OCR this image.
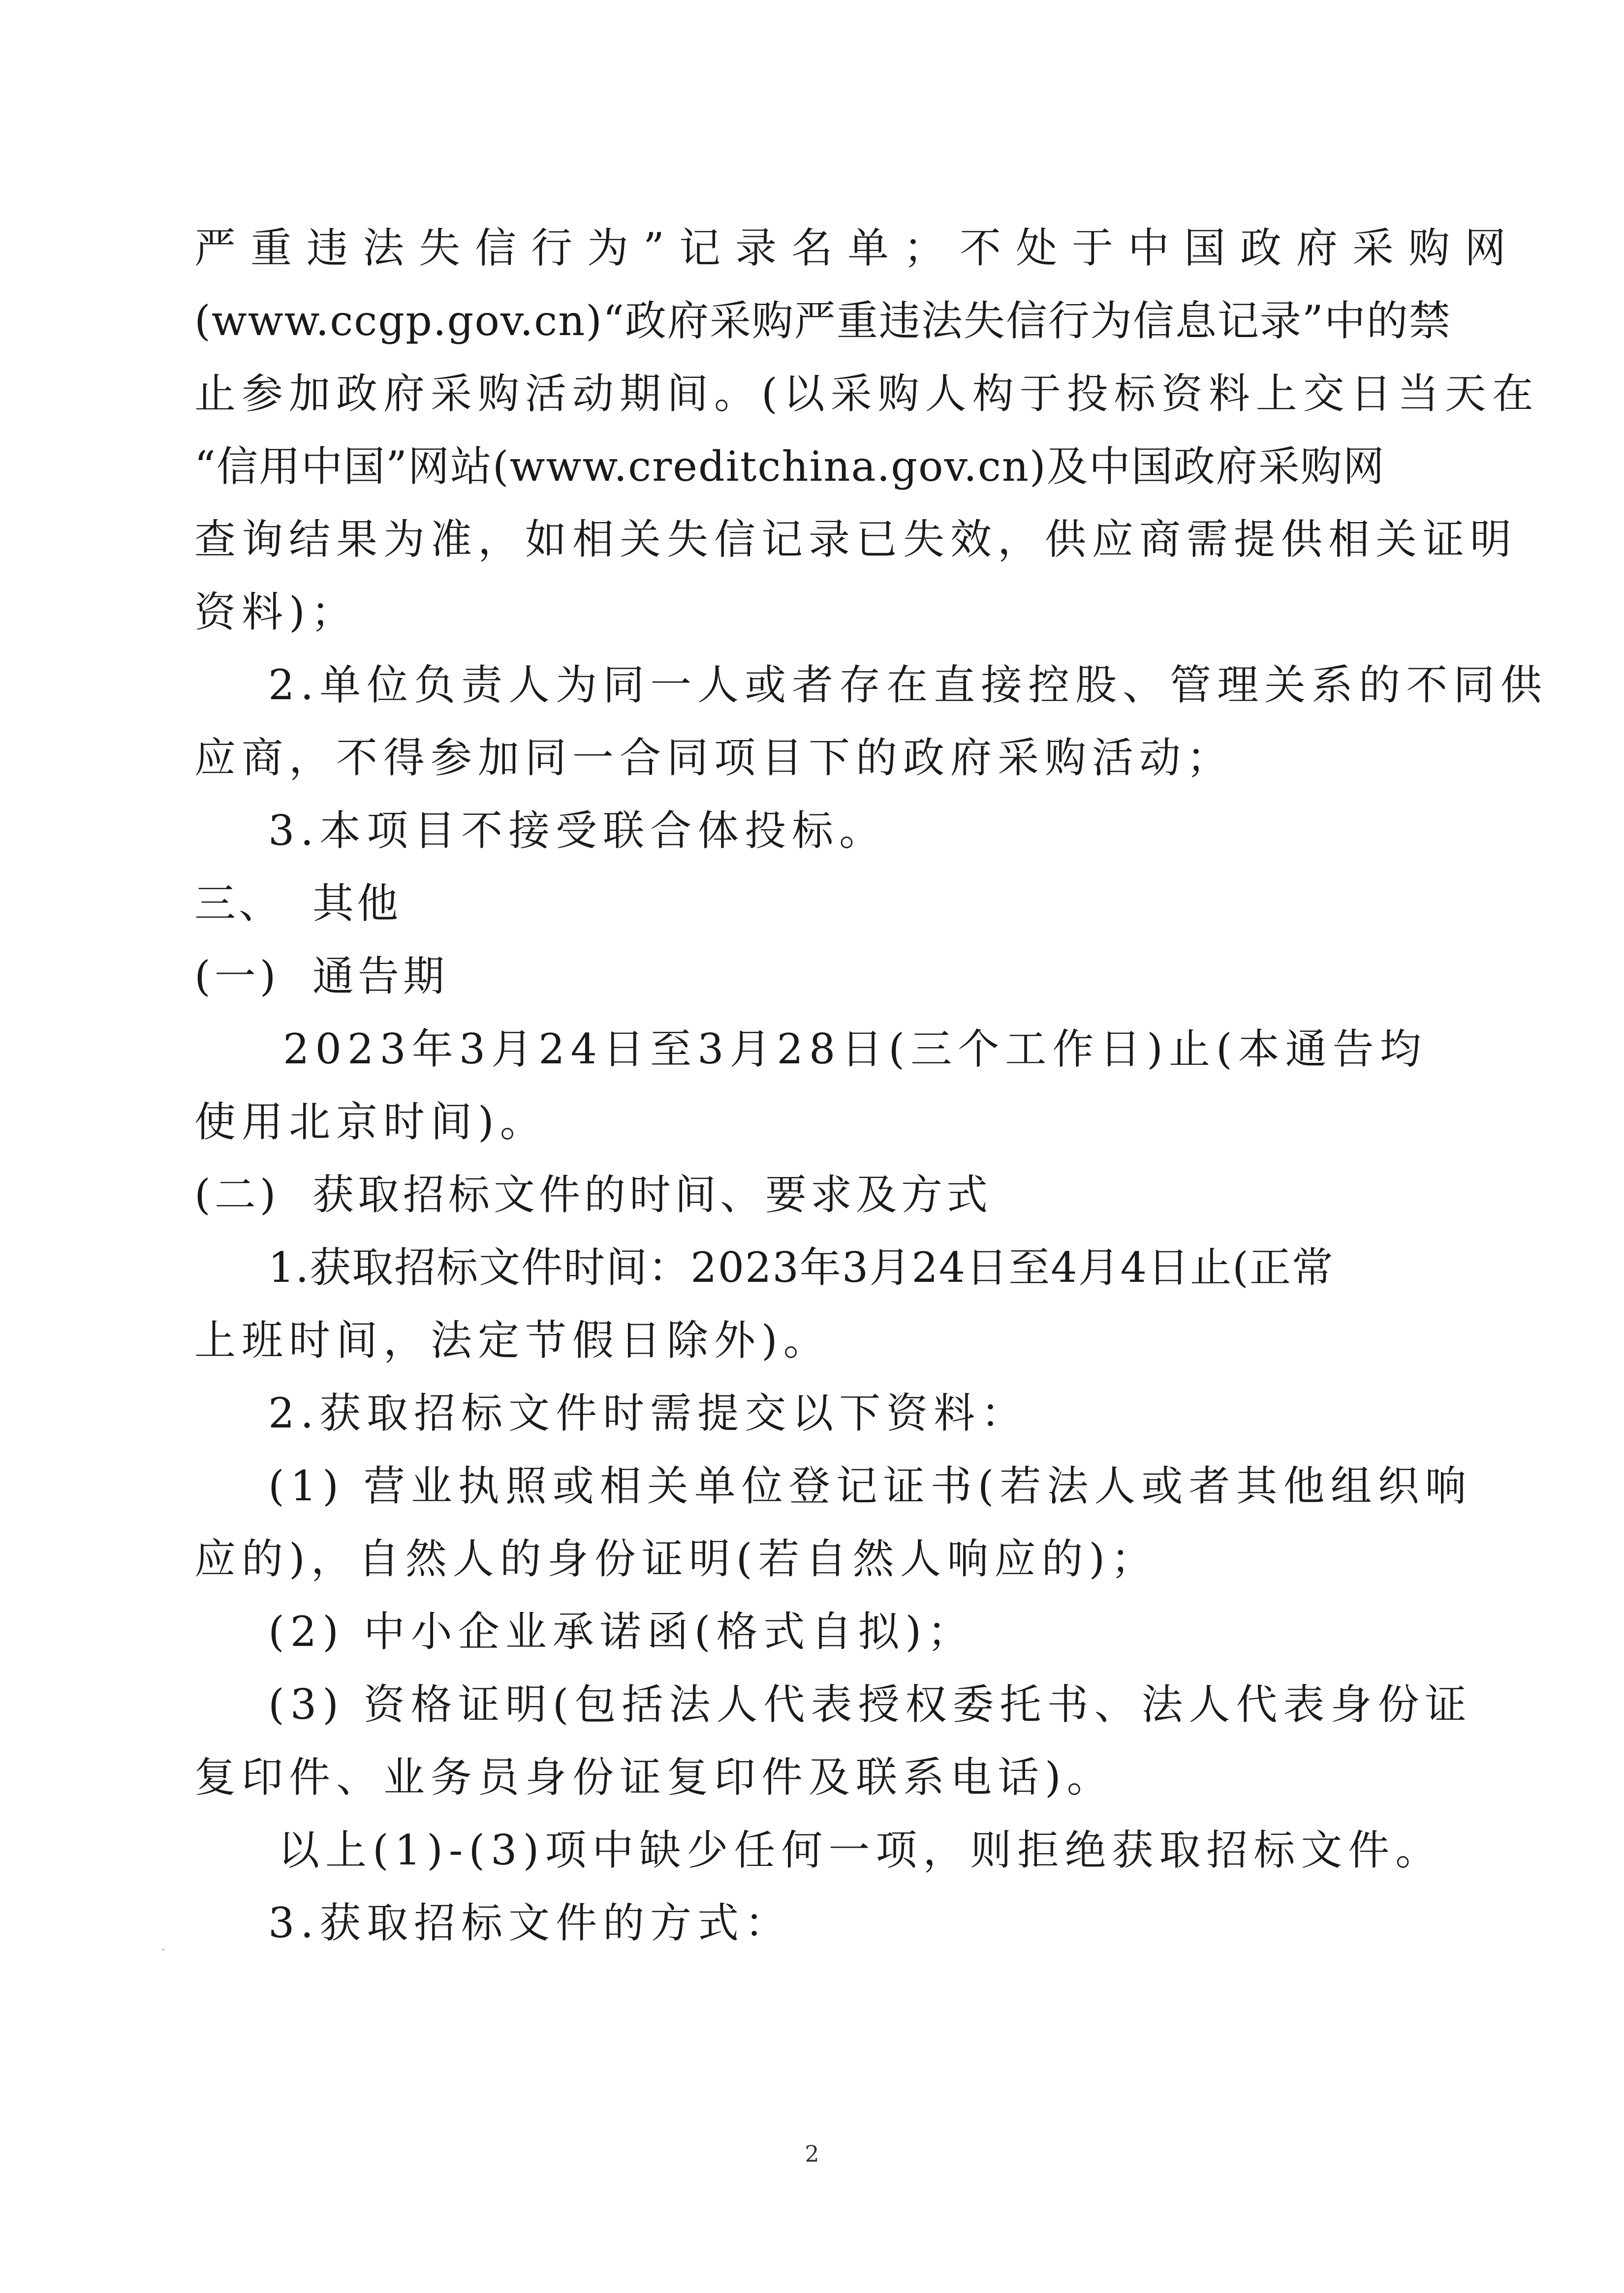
严重违法失信行为”记录名单；不处于中国政府采购网
(www.ccgp.gov.cn)“政府采购严重违法失信行为信息记录”中的禁
止参加政府采购活动期间。(以采购人构于投标资料上交日当天在
“信用中国”网站(www.creditchina.gov.cn)及中国政府采购网
查询结果为准，如相关失信记录已失效，供应商需提供相关证明
资料)；
2.单位负责人为同一人或者存在直接控股、管理关系的不同供
应商，不得参加同一合同项目下的政府采购活动；
3.本项目不接受联合体投标。
三、 其他
(一) 通告期
2023年3月24日至3月28日(三个工作日)止(本通告均
使用北京时间)。
(二) 获取招标文件的时间、要求及方式
1.获取招标文件时间：2023年3月24日至4月4日止(正常
上班时间，法定节假日除外)。
2.获取招标文件时需提交以下资料：
(1) 营业执照或相关单位登记证书(若法人或者其他组织响
应的)，自然人的身份证明(若自然人响应的)；
(2) 中小企业承诺函(格式自拟)；
(3) 资格证明(包括法人代表授权委托书、法人代表身份证
复印件、业务员身份证复印件及联系电话)。
以上(1)-(3)项中缺少任何一项，则拒绝获取招标文件。
3.获取招标文件的方式：
2
